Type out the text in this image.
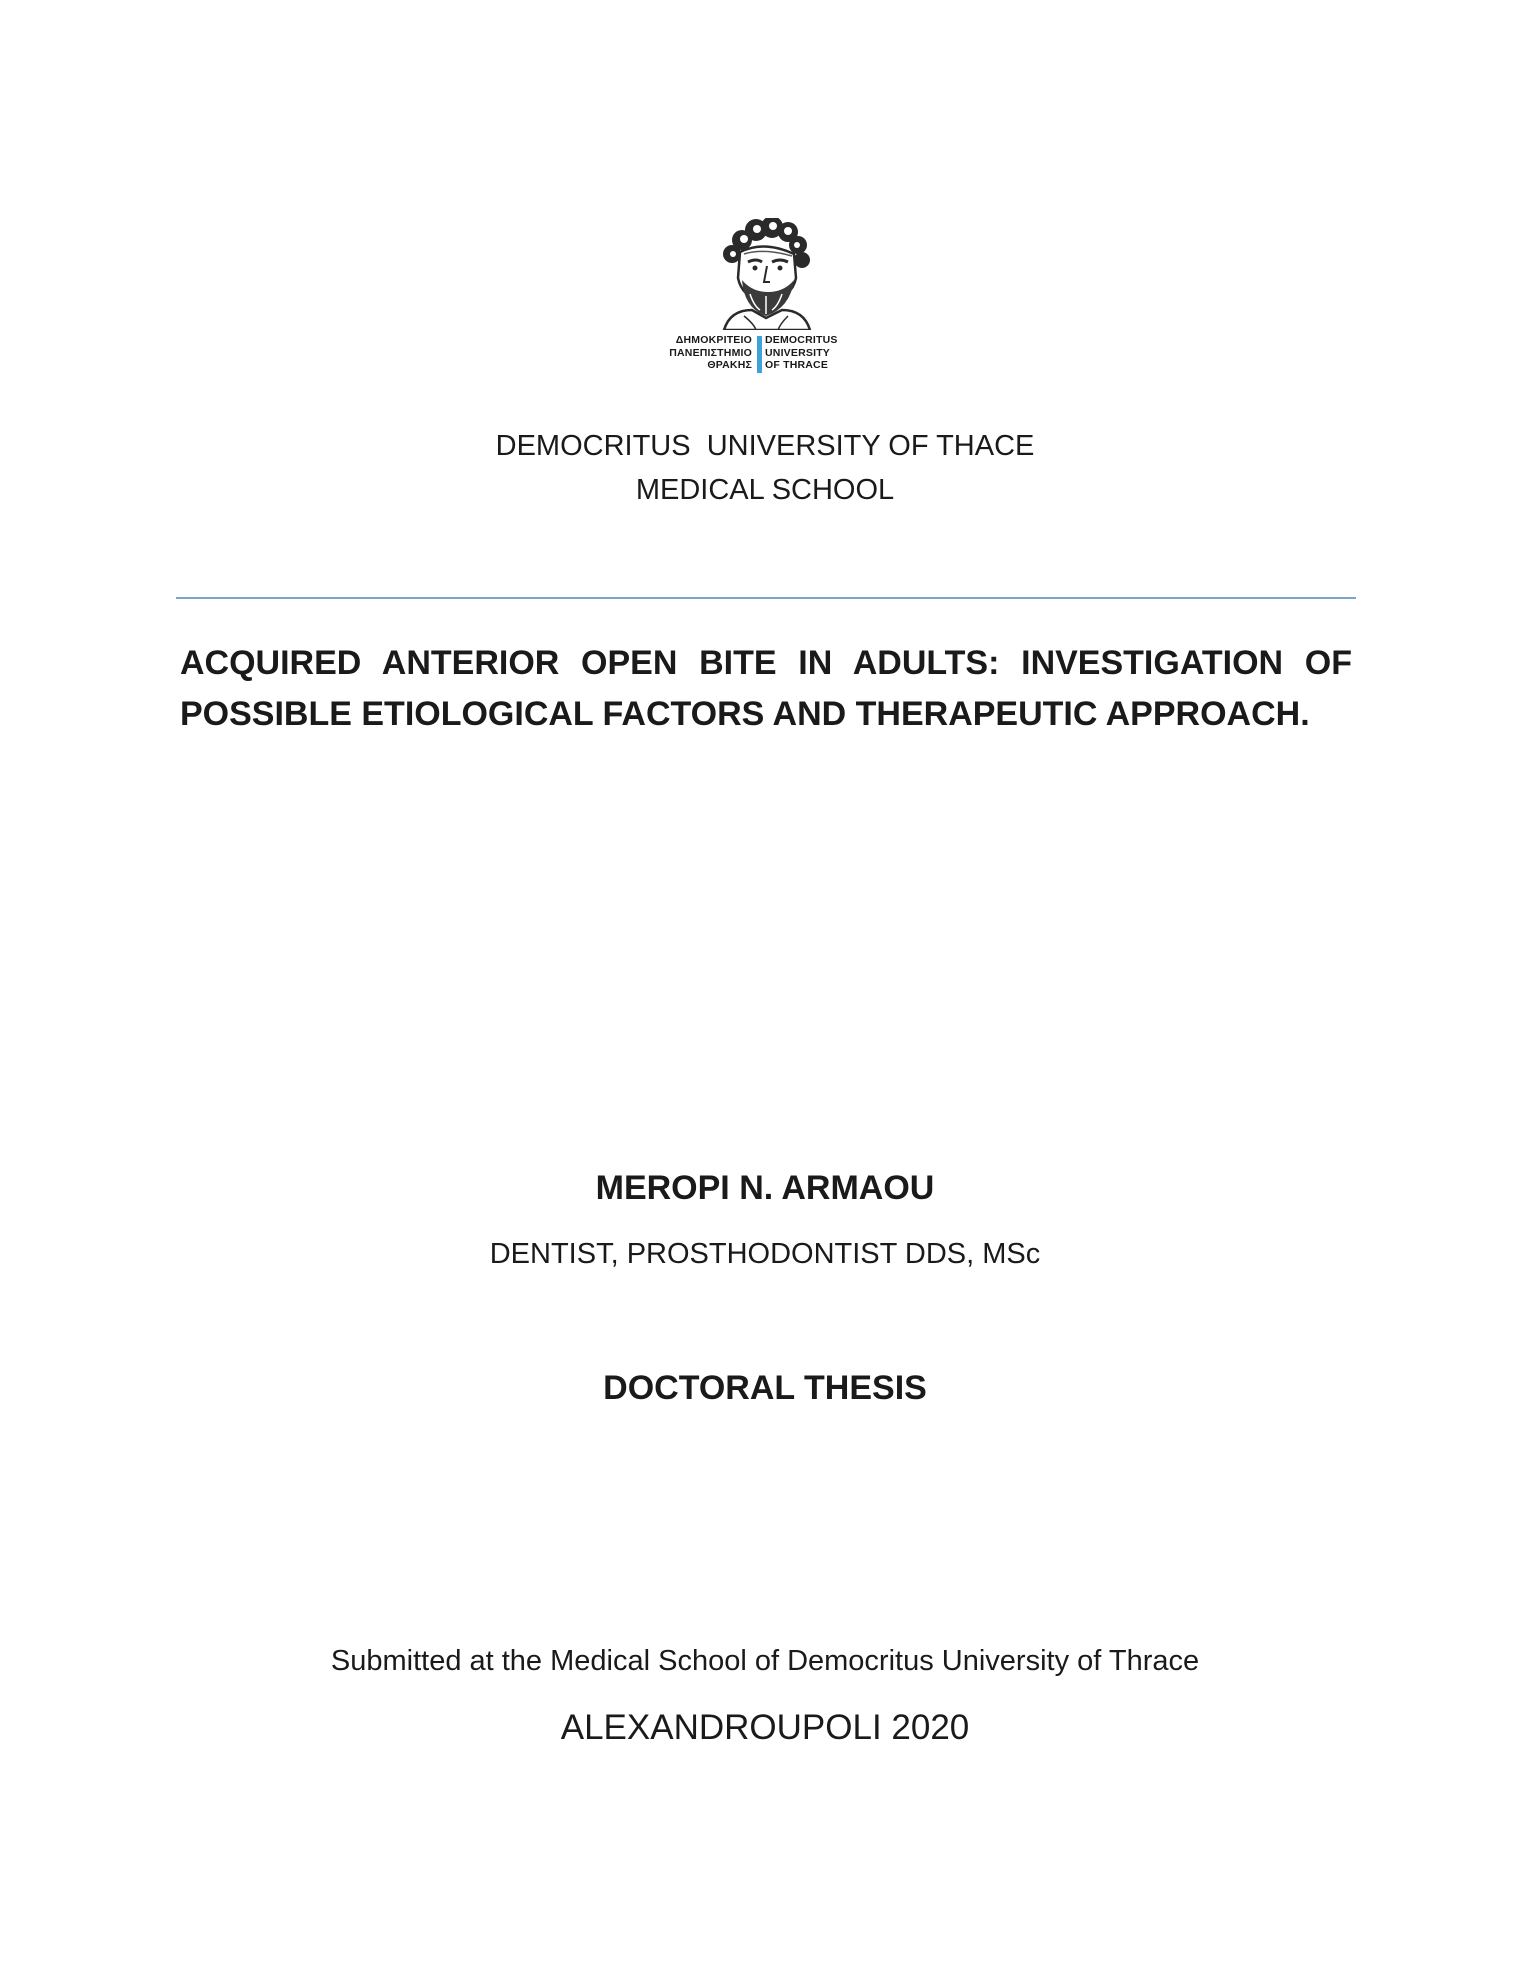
ΔΗΜΟΚΡΙΤΕΙΟ
ΠΑΝΕΠΙΣΤΗΜΙΟ
ΘΡΑΚΗΣ
DEMOCRITUS
UNIVERSITY
OF THRACE
DEMOCRITUS  UNIVERSITY OF THACE
MEDICAL SCHOOL
ACQUIRED ANTERIOR OPEN BITE IN ADULTS: INVESTIGATION OF POSSIBLE ETIOLOGICAL FACTORS AND THERAPEUTIC APPROACH.
MEROPI N. ARMAOU
DENTIST, PROSTHODONTIST DDS, MSc
DOCTORAL THESIS
Submitted at the Medical School of Democritus University of Thrace
ALEXANDROUPOLI 2020
